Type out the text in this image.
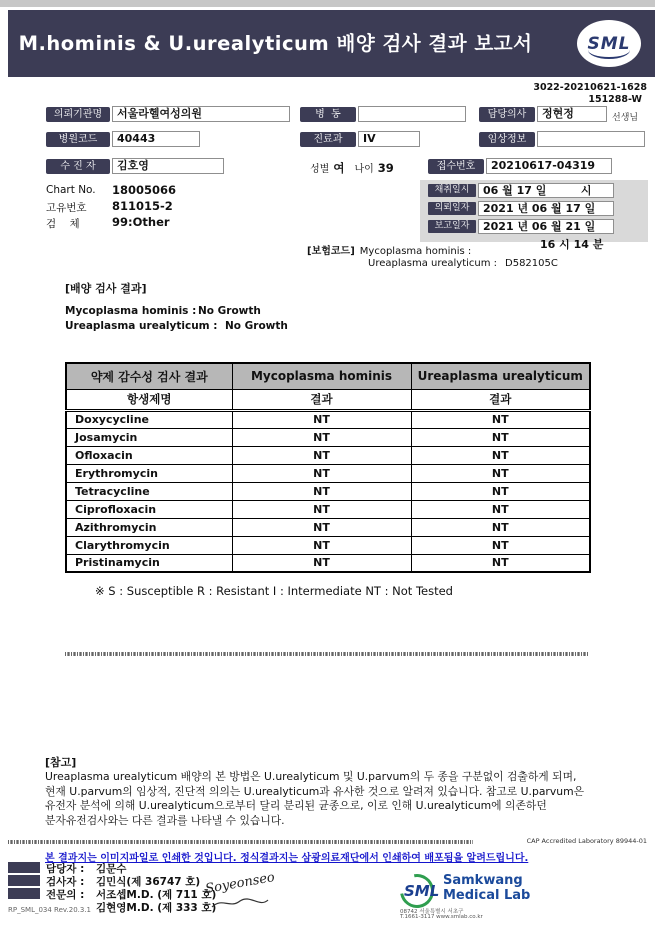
M.hominis & U.urealyticum 배양 검사 결과 보고서	SML
3022-20210621-1628
151288-W
의뢰기관명	서울라헬여성의원	병  동	담당의사	정현정	선생님
병원코드	40443	진료과	IV	임상정보
수 진 자	김호영	성별 여 나이 39	접수번호	20210617-04319
채취일시	06 월 17 일         시
의뢰일자	2021 년 06 월 17 일
보고일자	2021 년 06 월 21 일
16 시 14 분
Chart No. 18005066
고유번호 811015-2
검    체	99:Other
[보험코드] Mycoplasma hominis :
Ureaplasma urealyticum : D582105C
[배양 검사 결과]
Mycoplasma hominis : No Growth
Ureaplasma urealyticum : No Growth
약제 감수성 검사 결과	Mycoplasma hominis	Ureaplasma urealyticum
항생제명	결과	결과
Doxycycline	NT	NT
Josamycin	NT	NT
Ofloxacin	NT	NT
Erythromycin	NT	NT
Tetracycline	NT	NT
Ciprofloxacin	NT	NT
Azithromycin	NT	NT
Clarythromycin	NT	NT
Pristinamycin	NT	NT
※ S : Susceptible R : Resistant I : Intermediate NT : Not Tested
[참고]
Ureaplasma urealyticum 배양의 본 방법은 U.urealyticum 및 U.parvum의 두 종을 구분없이 검출하게 되며,
현재 U.parvum의 임상적, 진단적 의의는 U.urealyticum과 유사한 것으로 알려져 있습니다. 참고로 U.parvum은
유전자 분석에 의해 U.urealyticum으로부터 달리 분리된 균종으로, 이로 인해 U.urealyticum에 의존하던
분자유전검사와는 다른 결과를 나타낼 수 있습니다.
CAP Accredited Laboratory 89944-01
본 결과지는 이미지파일로 인쇄한 것입니다. 정식결과지는 삼광의료재단에서 인쇄하여 배포됨을 알려드립니다.
담당자 : 김문수
검사자 : 김민식(제 36747 호)
전문의 : 서조셉M.D. (제 711 호)
김현영M.D. (제 333 호)
Soyeonseo	SML
Samkwang
Medical Lab
08742 서울특별시 서초구
T.1661-3117 www.smlab.co.kr
RP_SML_034 Rev.20.3.1
